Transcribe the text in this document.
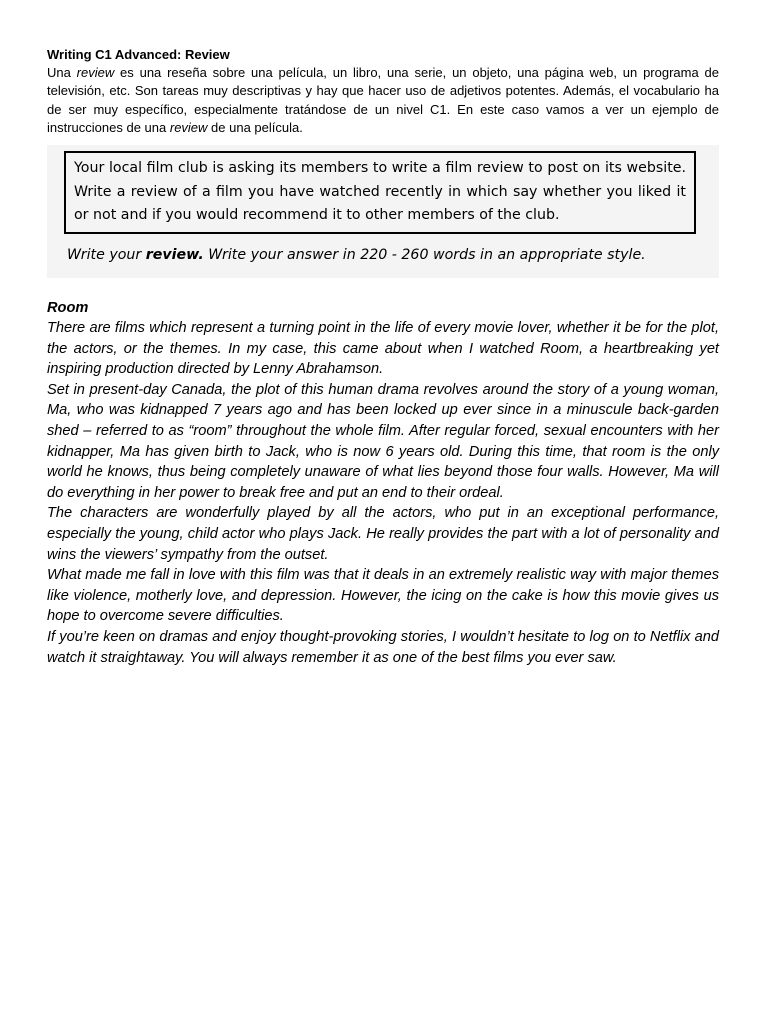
Writing C1 Advanced: Review

Una review es una reseña sobre una película, un libro, una serie, un objeto, una página web, un programa de televisión, etc. Son tareas muy descriptivas y hay que hacer uso de adjetivos potentes. Además, el vocabulario ha de ser muy específico, especialmente tratándose de un nivel C1. En este caso vamos a ver un ejemplo de instrucciones de una review de una película.

Your local film club is asking its members to write a film review to post on its website. Write a review of a film you have watched recently in which say whether you liked it or not and if you would recommend it to other members of the club.
Write your review. Write your answer in 220 - 260 words in an appropriate style.

Room

There are films which represent a turning point in the life of every movie lover, whether it be for the plot, the actors, or the themes. In my case, this came about when I watched Room, a heartbreaking yet inspiring production directed by Lenny Abrahamson.

Set in present-day Canada, the plot of this human drama revolves around the story of a young woman, Ma, who was kidnapped 7 years ago and has been locked up ever since in a minuscule back-garden shed – referred to as “room” throughout the whole film. After regular forced, sexual encounters with her kidnapper, Ma has given birth to Jack, who is now 6 years old. During this time, that room is the only world he knows, thus being completely unaware of what lies beyond those four walls. However, Ma will do everything in her power to break free and put an end to their ordeal.

The characters are wonderfully played by all the actors, who put in an exceptional performance, especially the young, child actor who plays Jack. He really provides the part with a lot of personality and wins the viewers’ sympathy from the outset.

What made me fall in love with this film was that it deals in an extremely realistic way with major themes like violence, motherly love, and depression. However, the icing on the cake is how this movie gives us hope to overcome severe difficulties.

If you’re keen on dramas and enjoy thought-provoking stories, I wouldn’t hesitate to log on to Netflix and watch it straightaway. You will always remember it as one of the best films you ever saw.
